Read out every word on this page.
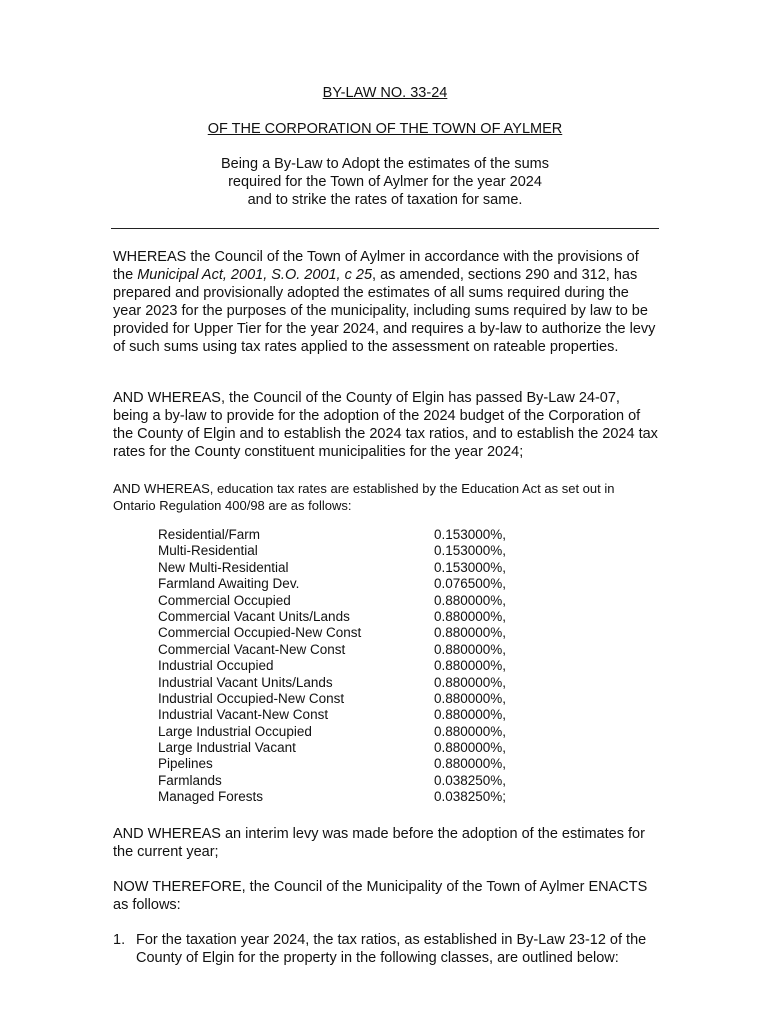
BY-LAW NO. 33-24
OF THE CORPORATION OF THE TOWN OF AYLMER
Being a By-Law to Adopt the estimates of the sums
required for the Town of Aylmer for the year 2024
and to strike the rates of taxation for same.
WHEREAS the Council of the Town of Aylmer in accordance with the provisions of the Municipal Act, 2001, S.O. 2001, c 25, as amended, sections 290 and 312, has prepared and provisionally adopted the estimates of all sums required during the year 2023 for the purposes of the municipality, including sums required by law to be provided for Upper Tier for the year 2024, and requires a by-law to authorize the levy of such sums using tax rates applied to the assessment on rateable properties.
AND WHEREAS, the Council of the County of Elgin has passed By-Law 24-07, being a by-law to provide for the adoption of the 2024 budget of the Corporation of the County of Elgin and to establish the 2024 tax ratios, and to establish the 2024 tax rates for the County constituent municipalities for the year 2024;
AND WHEREAS, education tax rates are established by the Education Act as set out in Ontario Regulation 400/98 are as follows:
Residential/Farm	0.153000%,
Multi-Residential	0.153000%,
New Multi-Residential	0.153000%,
Farmland Awaiting Dev.	0.076500%,
Commercial Occupied	0.880000%,
Commercial Vacant Units/Lands	0.880000%,
Commercial Occupied-New Const	0.880000%,
Commercial Vacant-New Const	0.880000%,
Industrial Occupied	0.880000%,
Industrial Vacant Units/Lands	0.880000%,
Industrial Occupied-New Const	0.880000%,
Industrial Vacant-New Const	0.880000%,
Large Industrial Occupied	0.880000%,
Large Industrial Vacant	0.880000%,
Pipelines	0.880000%,
Farmlands	0.038250%,
Managed Forests	0.038250%;
AND WHEREAS an interim levy was made before the adoption of the estimates for the current year;
NOW THEREFORE, the Council of the Municipality of the Town of Aylmer ENACTS as follows:
1. For the taxation year 2024, the tax ratios, as established in By-Law 23-12 of the County of Elgin for the property in the following classes, are outlined below:
